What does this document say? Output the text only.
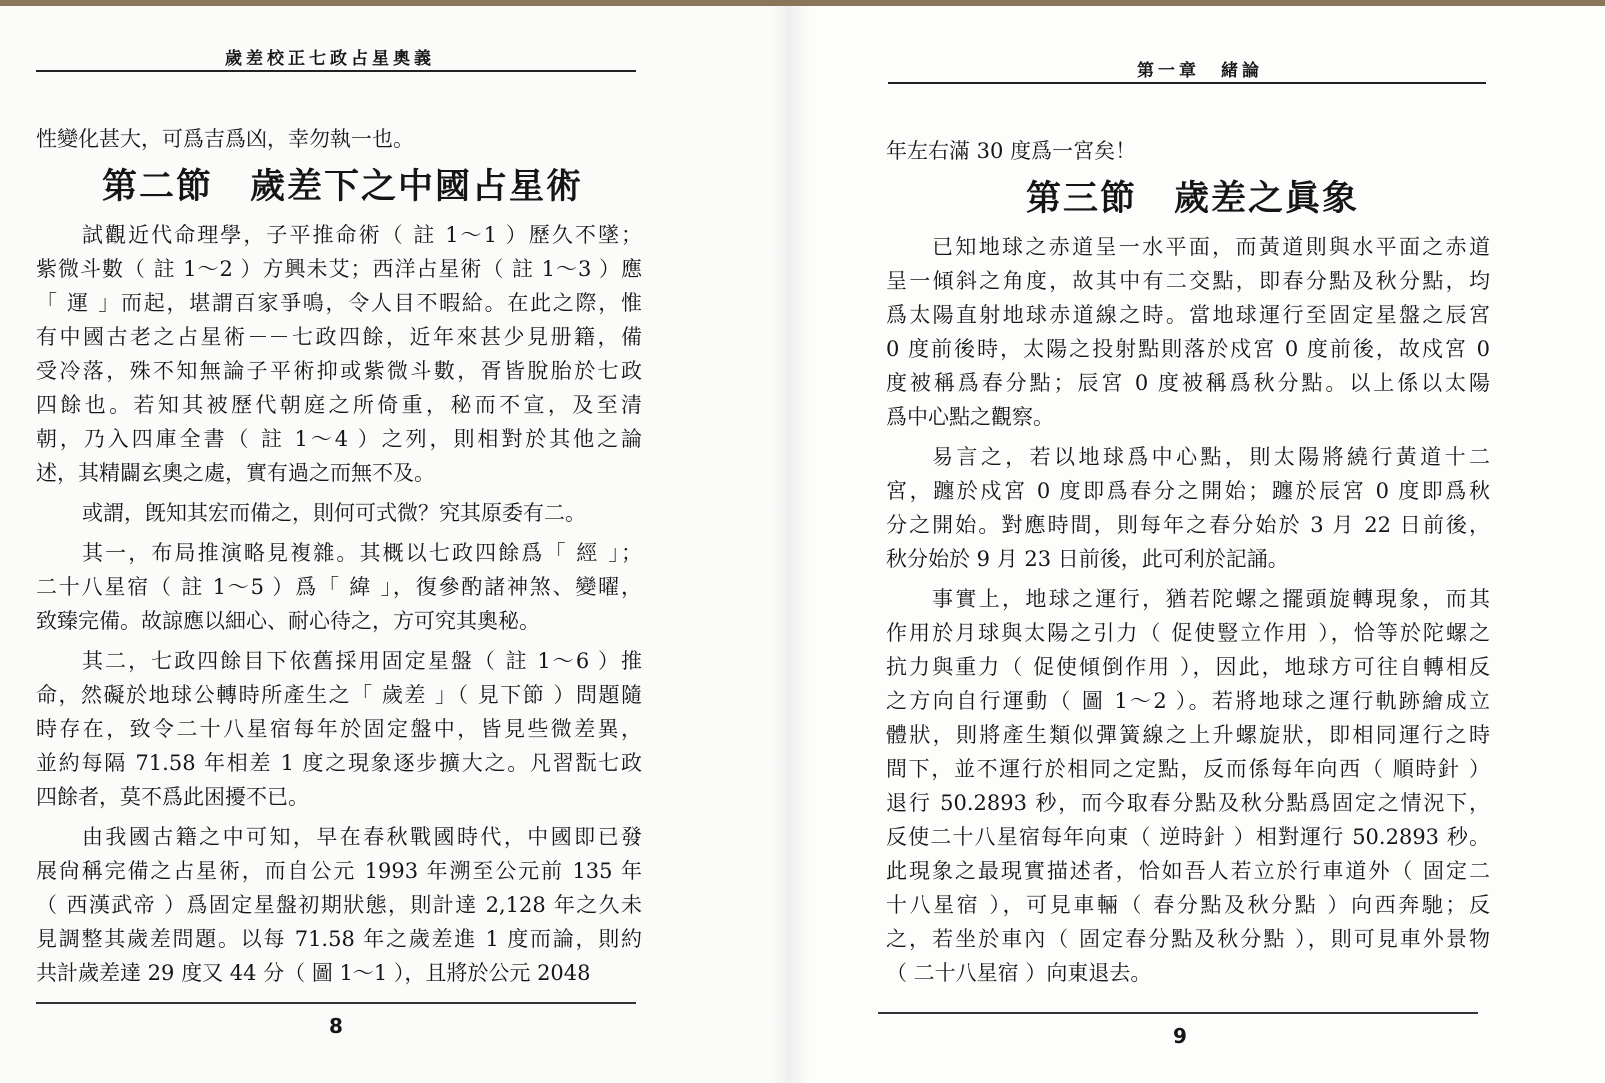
歲差校正七政占星奧義
性變化甚大，可爲吉爲凶，幸勿執一也。
第二節　歲差下之中國占星術
試觀近代命理學，子平推命術（ 註 1～1 ）歷久不墜；
紫微斗數（ 註 1～2 ）方興未艾；西洋占星術（ 註 1～3 ）應
「 運 」而起，堪謂百家爭鳴，令人目不暇給。在此之際，惟
有中國古老之占星術－－七政四餘，近年來甚少見册籍，備
受冷落，殊不知無論子平術抑或紫微斗數，胥皆脫胎於七政
四餘也。若知其被歷代朝庭之所倚重，秘而不宣，及至清
朝，乃入四庫全書（ 註 1～4 ）之列，則相對於其他之論
述，其精闢玄奧之處，實有過之而無不及。
或謂，旣知其宏而備之，則何可式微？究其原委有二。
其一，布局推演略見複雜。其概以七政四餘爲「 經 」；
二十八星宿（ 註 1～5 ）爲「 緯 」，復參酌諸神煞、變曜，
致臻完備。故諒應以細心、耐心待之，方可究其奧秘。
其二，七政四餘目下依舊採用固定星盤（ 註 1～6 ）推
命，然礙於地球公轉時所產生之「 歲差 」（ 見下節 ）問題隨
時存在，致令二十八星宿每年於固定盤中，皆見些微差異，
並約每隔 71.58 年相差 1 度之現象逐步擴大之。凡習翫七政
四餘者，莫不爲此困擾不已。
由我國古籍之中可知，早在春秋戰國時代，中國即已發
展尙稱完備之占星術，而自公元 1993 年溯至公元前 135 年
（ 西漢武帝 ）爲固定星盤初期狀態，則計達 2,128 年之久未
見調整其歲差問題。以每 71.58 年之歲差進 1 度而論，則約
共計歲差達 29 度又 44 分（ 圖 1～1 ），且將於公元 2048
8
第一章　緒論
年左右滿 30 度爲一宮矣！
第三節　歲差之眞象
已知地球之赤道呈一水平面，而黃道則與水平面之赤道
呈一傾斜之角度，故其中有二交點，即春分點及秋分點，均
爲太陽直射地球赤道線之時。當地球運行至固定星盤之辰宮
0 度前後時，太陽之投射點則落於戍宮 0 度前後，故戍宮 0
度被稱爲春分點；辰宮 0 度被稱爲秋分點。以上係以太陽
爲中心點之觀察。
易言之，若以地球爲中心點，則太陽將繞行黃道十二
宮，躔於戍宮 0 度即爲春分之開始；躔於辰宮 0 度即爲秋
分之開始。對應時間，則每年之春分始於 3 月 22 日前後，
秋分始於 9 月 23 日前後，此可利於記誦。
事實上，地球之運行，猶若陀螺之擺頭旋轉現象，而其
作用於月球與太陽之引力（ 促使豎立作用 ），恰等於陀螺之
抗力與重力（ 促使傾倒作用 ），因此，地球方可往自轉相反
之方向自行運動（ 圖 1～2 ）。若將地球之運行軌跡繪成立
體狀，則將產生類似彈簧線之上升螺旋狀，即相同運行之時
間下，並不運行於相同之定點，反而係每年向西（ 順時針 ）
退行 50.2893 秒，而今取春分點及秋分點爲固定之情況下，
反使二十八星宿每年向東（ 逆時針 ）相對運行 50.2893 秒。
此現象之最現實描述者，恰如吾人若立於行車道外（ 固定二
十八星宿 ），可見車輛（ 春分點及秋分點 ）向西奔馳；反
之，若坐於車內（ 固定春分點及秋分點 ），則可見車外景物
（ 二十八星宿 ）向東退去。
9
